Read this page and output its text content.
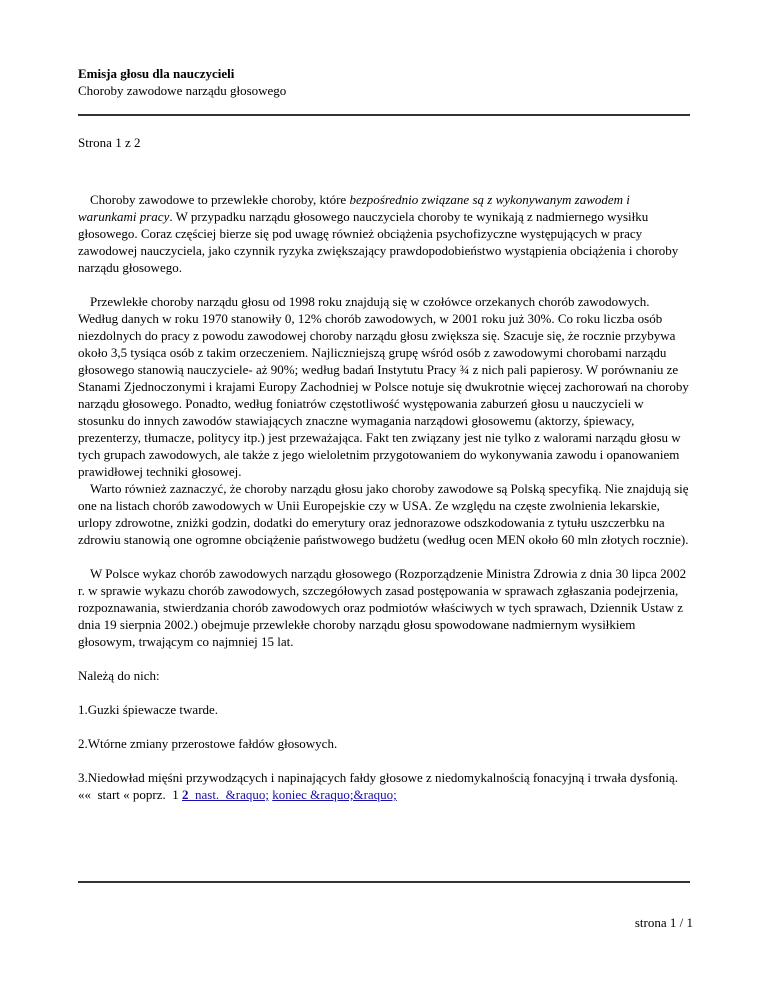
Emisja głosu dla nauczycieli
Choroby zawodowe narządu głosowego
Strona 1 z 2

Choroby zawodowe to przewlekłe choroby, które bezpośrednio związane są z wykonywanym zawodem i warunkami pracy. W przypadku narządu głosowego nauczyciela choroby te wynikają z nadmiernego wysiłku głosowego. Coraz częściej bierze się pod uwagę również obciążenia psychofizyczne występujących w pracy zawodowej nauczyciela, jako czynnik ryzyka zwiększający prawdopodobieństwo wystąpienia obciążenia i choroby narządu głosowego.

Przewlekłe choroby narządu głosu od 1998 roku znajdują się w czołówce orzekanych chorób zawodowych. Według danych w roku 1970 stanowiły 0, 12% chorób zawodowych, w 2001 roku już 30%. Co roku liczba osób niezdolnych do pracy z powodu zawodowej choroby narządu głosu zwiększa się. Szacuje się, że rocznie przybywa około 3,5 tysiąca osób z takim orzeczeniem. Najliczniejszą grupę wśród osób z zawodowymi chorobami narządu głosowego stanowią nauczyciele- aż 90%; według badań Instytutu Pracy ¾ z nich pali papierosy. W porównaniu ze Stanami Zjednoczonymi i krajami Europy Zachodniej w Polsce notuje się dwukrotnie więcej zachorowań na choroby narządu głosowego. Ponadto, według foniatrów częstotliwość występowania zaburzeń głosu u nauczycieli w stosunku do innych zawodów stawiających znaczne wymagania narządowi głosowemu (aktorzy, śpiewacy, prezenterzy, tłumacze, politycy itp.) jest przeważająca. Fakt ten związany jest nie tylko z walorami narządu głosu w tych grupach zawodowych, ale także z jego wieloletnim przygotowaniem do wykonywania zawodu i opanowaniem prawidłowej techniki głosowej.

Warto również zaznaczyć, że choroby narządu głosu jako choroby zawodowe są Polską specyfiką. Nie znajdują się one na listach chorób zawodowych w Unii Europejskie czy w USA. Ze względu na częste zwolnienia lekarskie, urlopy zdrowotne, zniżki godzin, dodatki do emerytury oraz jednorazowe odszkodowania z tytułu uszczerbku na zdrowiu stanowią one ogromne obciążenie państwowego budżetu (według ocen MEN około 60 mln złotych rocznie).

W Polsce wykaz chorób zawodowych narządu głosowego (Rozporządzenie Ministra Zdrowia z dnia 30 lipca 2002 r. w sprawie wykazu chorób zawodowych, szczegółowych zasad postępowania w sprawach zgłaszania podejrzenia, rozpoznawania, stwierdzania chorób zawodowych oraz podmiotów właściwych w tych sprawach, Dziennik Ustaw z dnia 19 sierpnia 2002.) obejmuje przewlekłe choroby narządu głosu spowodowane nadmiernym wysiłkiem głosowym, trwającym co najmniej 15 lat.

Należą do nich:

1.Guzki śpiewacze twarde.

2.Wtórne zmiany przerostowe fałdów głosowych.

3.Niedowład mięśni przywodzących i napinających fałdy głosowe z niedomykalnością fonacyjną i trwała dysfonią.

««  start « poprz.  1 2  nast.  &raquo; koniec &raquo;&raquo;
strona 1 / 1
